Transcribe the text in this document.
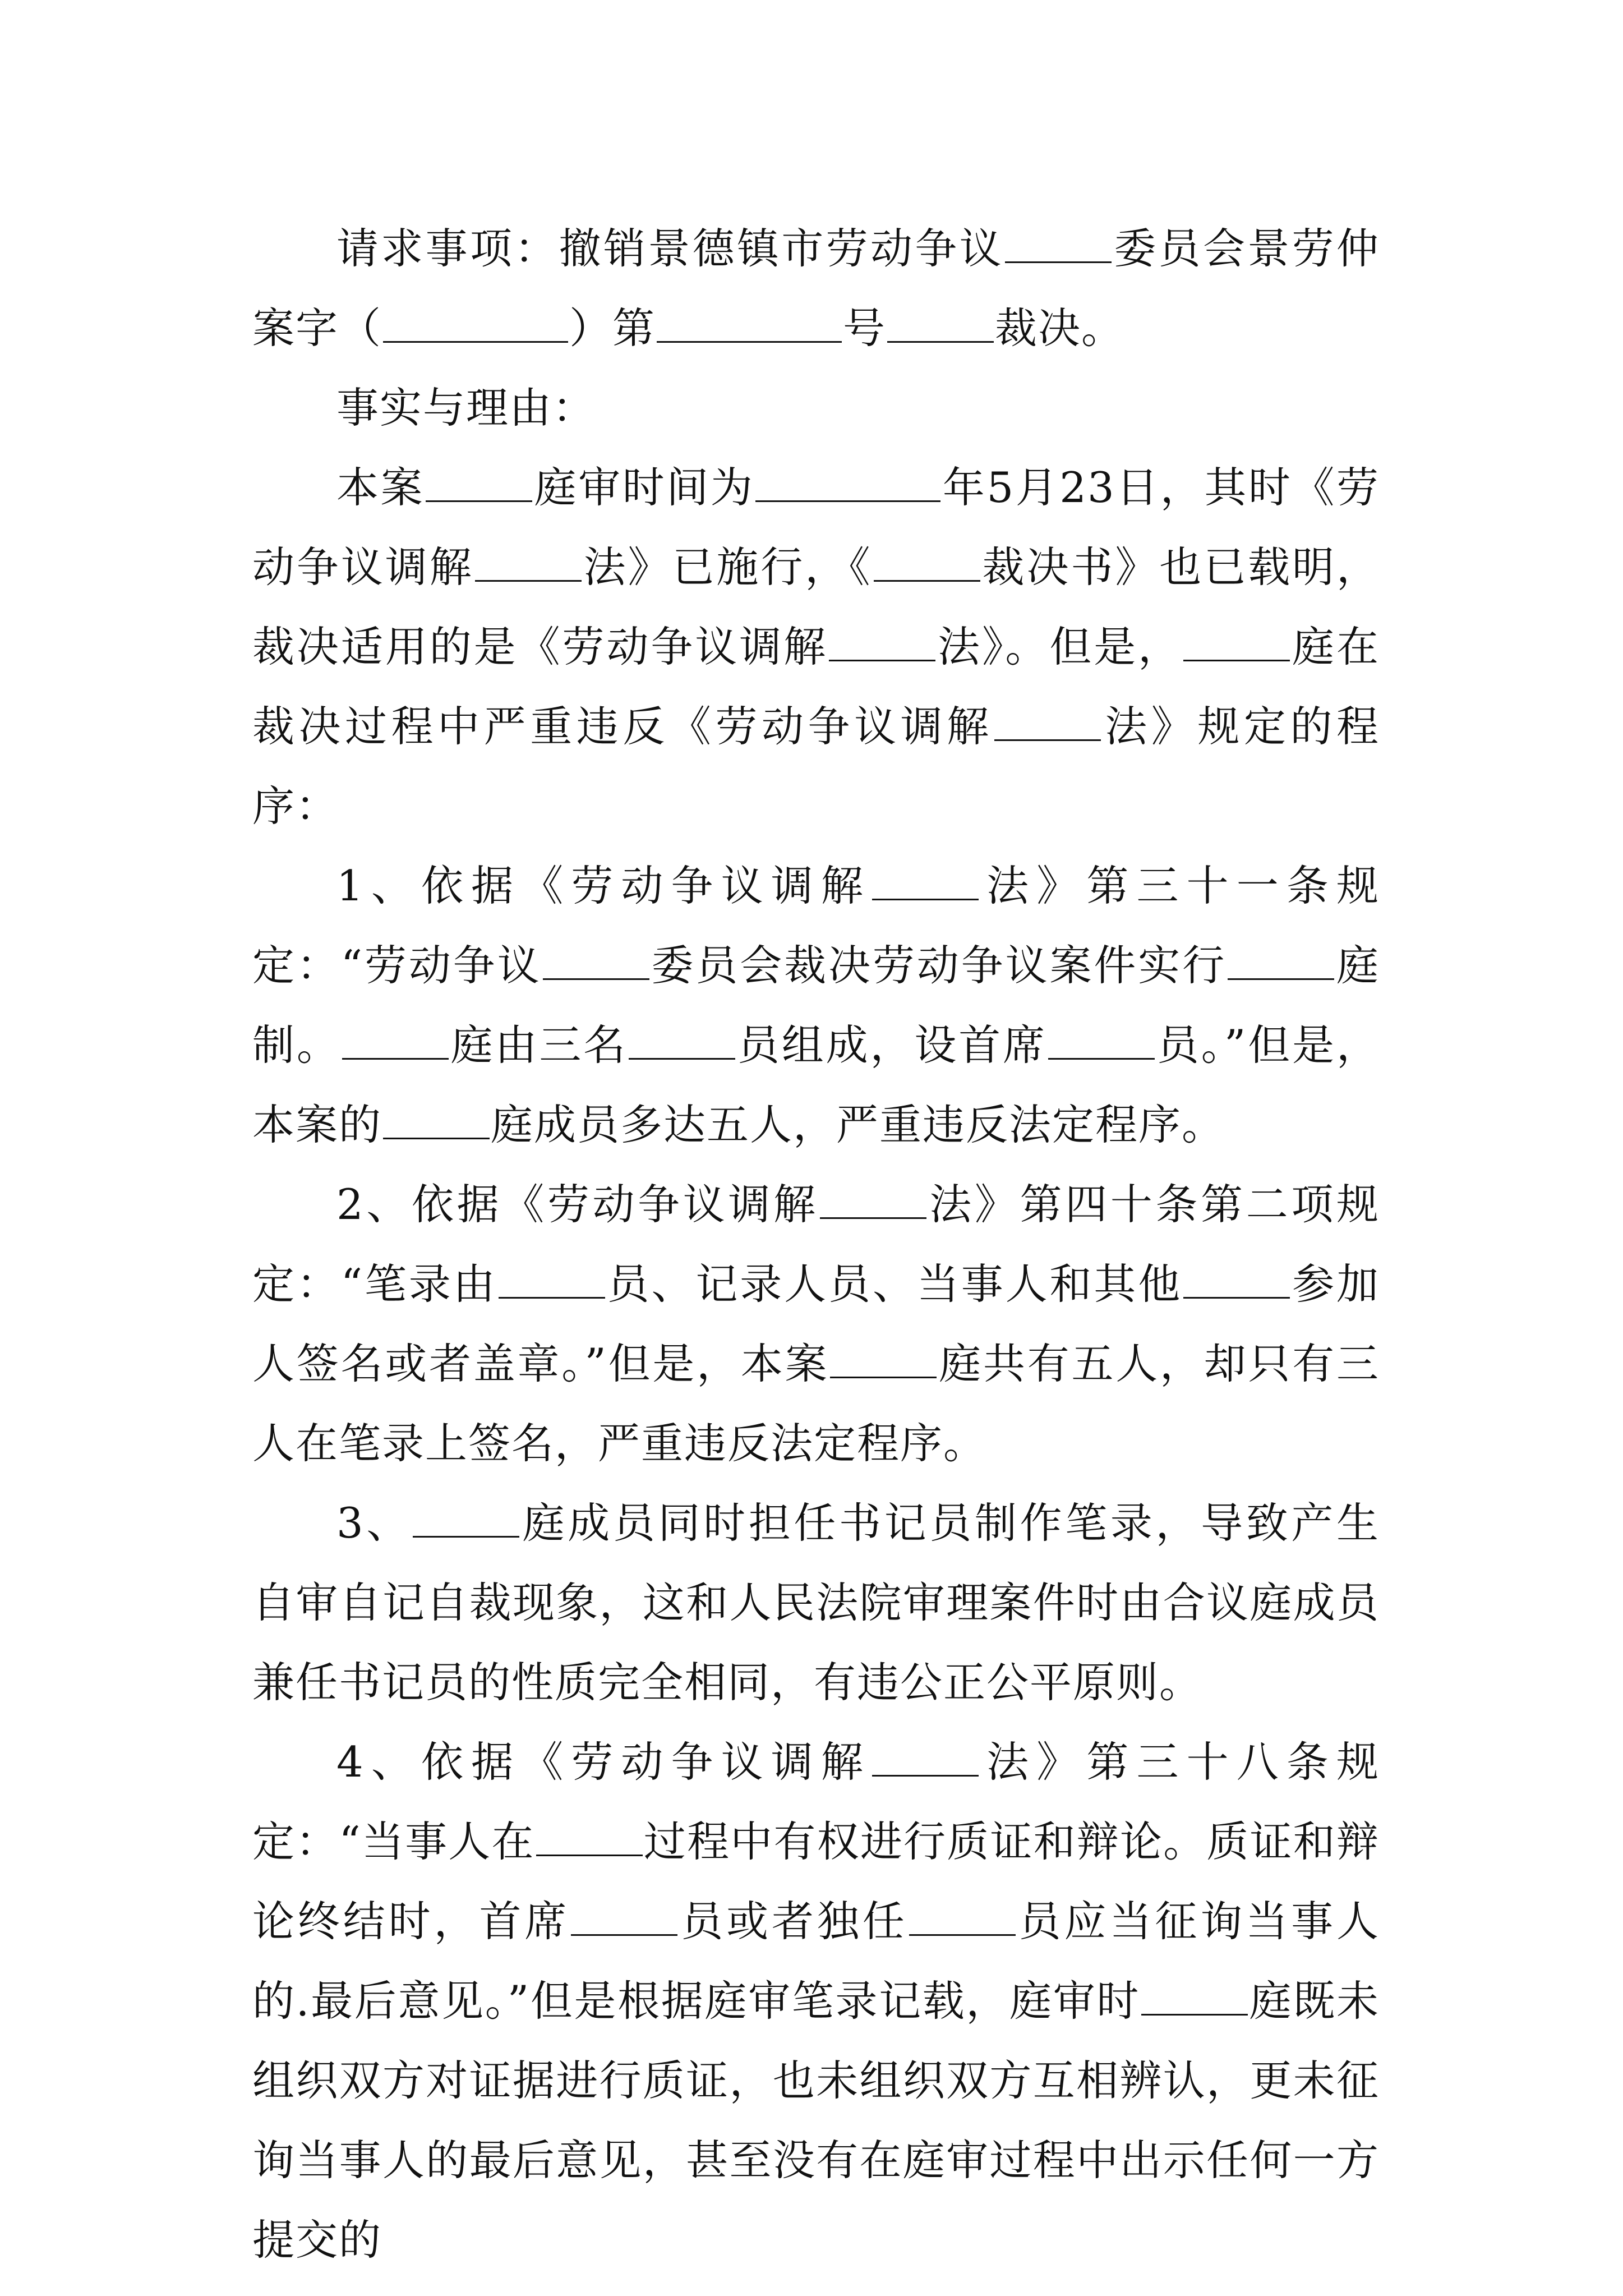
请求事项：撤销景德镇市劳动争议	委员会景劳仲案字（	）第	号	裁决。

事实与理由：

本案	庭审时间为	年5月23日，其时《劳动争议调解	法》已施行，《	裁决书》也已载明，裁决适用的是《劳动争议调解	法》。但是，	庭在裁决过程中严重违反《劳动争议调解	法》规定的程序：

1、依据《劳动争议调解	法》第三十一条规定：“劳动争议	委员会裁决劳动争议案件实行	庭制。	庭由三名	员组成，设首席	员。”但是，本案的	庭成员多达五人，严重违反法定程序。

2、依据《劳动争议调解	法》第四十条第二项规定：“笔录由	员、记录人员、当事人和其他	参加人签名或者盖章。”但是，本案	庭共有五人，却只有三人在笔录上签名，严重违反法定程序。

3、	庭成员同时担任书记员制作笔录，导致产生自审自记自裁现象，这和人民法院审理案件时由合议庭成员兼任书记员的性质完全相同，有违公正公平原则。

4、依据《劳动争议调解	法》第三十八条规定：“当事人在	过程中有权进行质证和辩论。质证和辩论终结时，首席	员或者独任	员应当征询当事人的.最后意见。”但是根据庭审笔录记载，庭审时	庭既未组织双方对证据进行质证，也未组织双方互相辨认，更未征询当事人的最后意见，甚至没有在庭审过程中出示任何一方提交的
